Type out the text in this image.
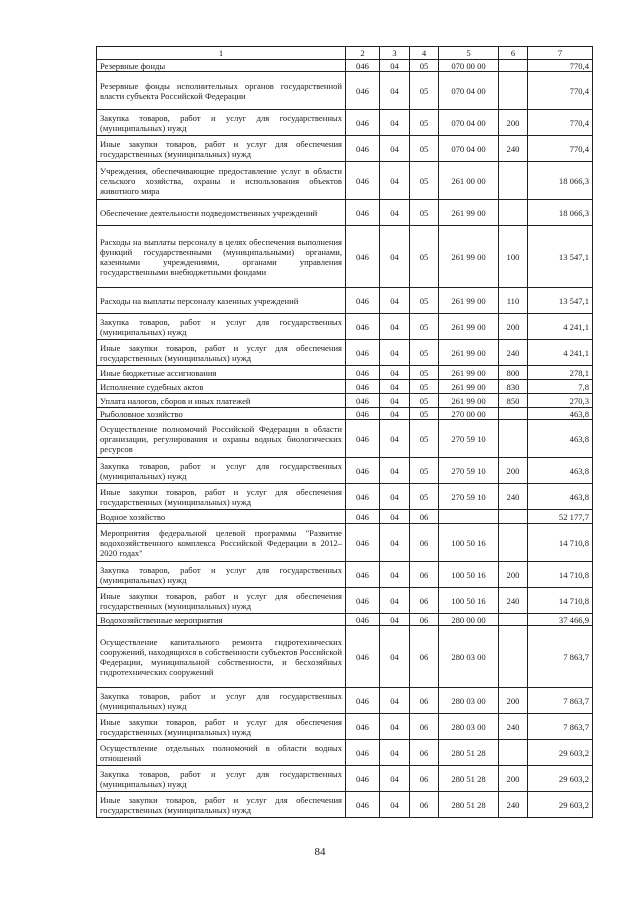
1	2	3	4	5	6	7
Резервные фонды	046	04	05	070 00 00		770,4
Резервные фонды исполнительных органов государственной власти субъекта Российской Федерации	046	04	05	070 04 00		770,4
Закупка товаров, работ и услуг для государственных (муниципальных) нужд	046	04	05	070 04 00	200	770,4
Иные закупки товаров, работ и услуг для обеспечения государственных (муниципальных) нужд	046	04	05	070 04 00	240	770,4
Учреждения, обеспечивающие предоставление услуг в области сельского хозяйства, охраны и использования объектов животного мира	046	04	05	261 00 00		18 066,3
Обеспечение деятельности подведомственных учреждений	046	04	05	261 99 00		18 066,3
Расходы на выплаты персоналу в целях обеспечения выполнения функций государственными (муниципальными) органами, казенными учреждениями, органами управления государственными внебюджетными фондами	046	04	05	261 99 00	100	13 547,1
Расходы на выплаты персоналу казенных учреждений	046	04	05	261 99 00	110	13 547,1
Закупка товаров, работ и услуг для государственных (муниципальных) нужд	046	04	05	261 99 00	200	4 241,1
Иные закупки товаров, работ и услуг для обеспечения государственных (муниципальных) нужд	046	04	05	261 99 00	240	4 241,1
Иные бюджетные ассигнования	046	04	05	261 99 00	800	278,1
Исполнение судебных актов	046	04	05	261 99 00	830	7,8
Уплата налогов, сборов и иных платежей	046	04	05	261 99 00	850	270,3
Рыболовное хозяйство	046	04	05	270 00 00		463,8
Осуществление полномочий Российской Федерации в области организации, регулирования и охраны водных биологических ресурсов	046	04	05	270 59 10		463,8
Закупка товаров, работ и услуг для государственных (муниципальных) нужд	046	04	05	270 59 10	200	463,8
Иные закупки товаров, работ и услуг для обеспечения государственных (муниципальных) нужд	046	04	05	270 59 10	240	463,8
Водное хозяйство	046	04	06			52 177,7
Мероприятия федеральной целевой программы "Развитие водохозяйственного комплекса Российской Федерации в 2012–2020 годах"	046	04	06	100 50 16		14 710,8
Закупка товаров, работ и услуг для государственных (муниципальных) нужд	046	04	06	100 50 16	200	14 710,8
Иные закупки товаров, работ и услуг для обеспечения государственных (муниципальных) нужд	046	04	06	100 50 16	240	14 710,8
Водохозяйственные мероприятия	046	04	06	280 00 00		37 466,9
Осуществление капитального ремонта гидротехнических сооружений, находящихся в собственности субъектов Российской Федерации, муниципальной собственности, и бесхозяйных гидротехнических сооружений	046	04	06	280 03 00		7 863,7
Закупка товаров, работ и услуг для государственных (муниципальных) нужд	046	04	06	280 03 00	200	7 863,7
Иные закупки товаров, работ и услуг для обеспечения государственных (муниципальных) нужд	046	04	06	280 03 00	240	7 863,7
Осуществление отдельных полномочий в области водных отношений	046	04	06	280 51 28		29 603,2
Закупка товаров, работ и услуг для государственных (муниципальных) нужд	046	04	06	280 51 28	200	29 603,2
Иные закупки товаров, работ и услуг для обеспечения государственных (муниципальных) нужд	046	04	06	280 51 28	240	29 603,2
84
